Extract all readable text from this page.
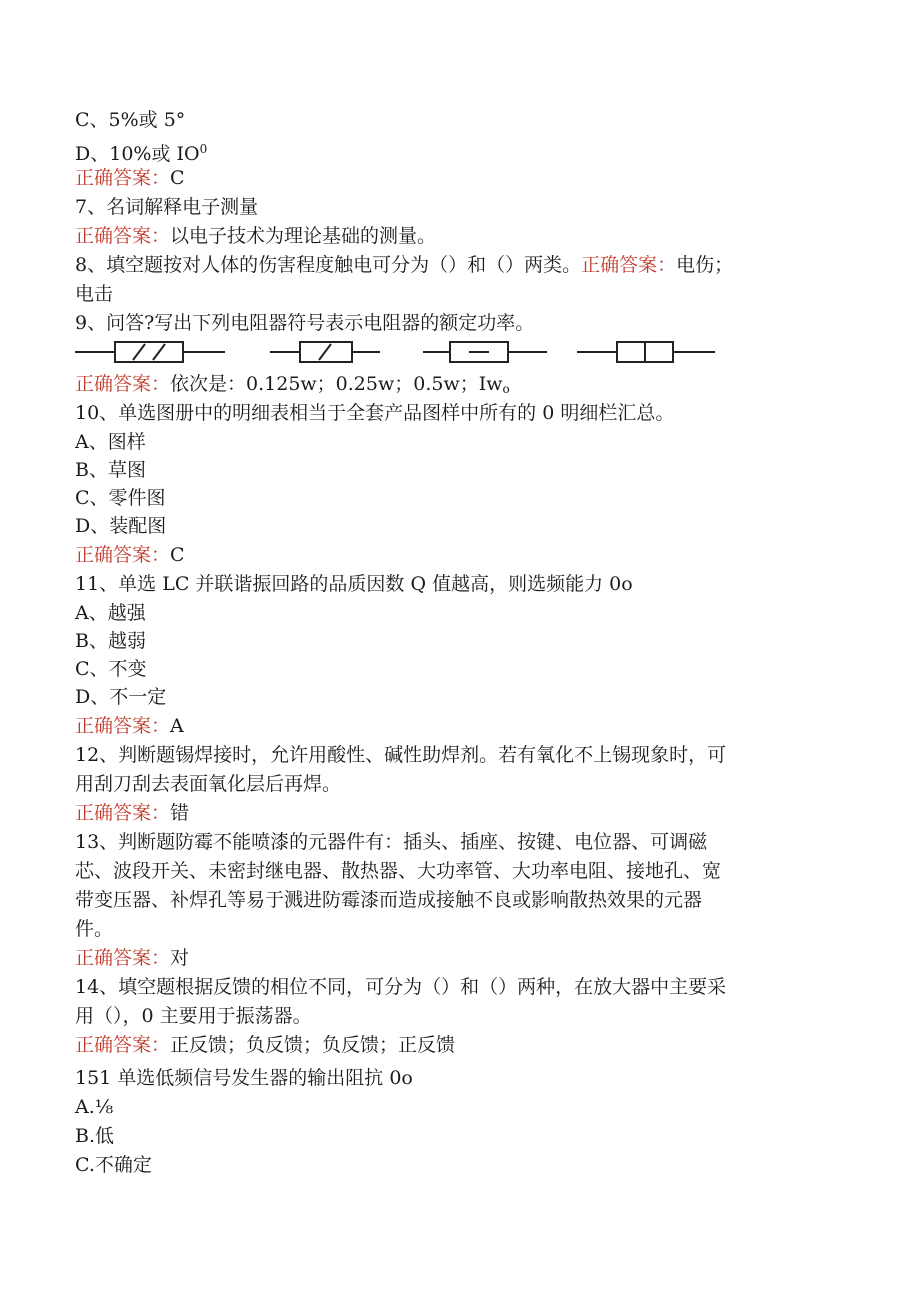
C、5%或 5°
D、10%或 $IO^0$
正确答案：C
7、名词解释电子测量
正确答案：以电子技术为理论基础的测量。
8、填空题按对人体的伤害程度触电可分为（）和（）两类。正确答案：电伤；
电击
9、问答?写出下列电阻器符号表示电阻器的额定功率。
正确答案：依次是：0.125w；0.25w；0.5w；$Iw_o$
10、单选图册中的明细表相当于全套产品图样中所有的 0 明细栏汇总。
A、图样
B、草图
C、零件图
D、装配图
正确答案：C
11、单选 LC 并联谐振回路的品质因数 Q 值越高，则选频能力 0o
A、越强
B、越弱
C、不变
D、不一定
正确答案：A
12、判断题锡焊接时，允许用酸性、碱性助焊剂。若有氧化不上锡现象时，可
用刮刀刮去表面氧化层后再焊。
正确答案：错
13、判断题防霉不能喷漆的元器件有：插头、插座、按键、电位器、可调磁
芯、波段开关、未密封继电器、散热器、大功率管、大功率电阻、接地孔、宽
带变压器、补焊孔等易于溅进防霉漆而造成接触不良或影响散热效果的元器
件。
正确答案：对
14、填空题根据反馈的相位不同，可分为（）和（）两种，在放大器中主要采
用（），0 主要用于振荡器。
正确答案：正反馈；负反馈；负反馈；正反馈
151 单选低频信号发生器的输出阻抗 0o
A.⅛
B.低
C.不确定
